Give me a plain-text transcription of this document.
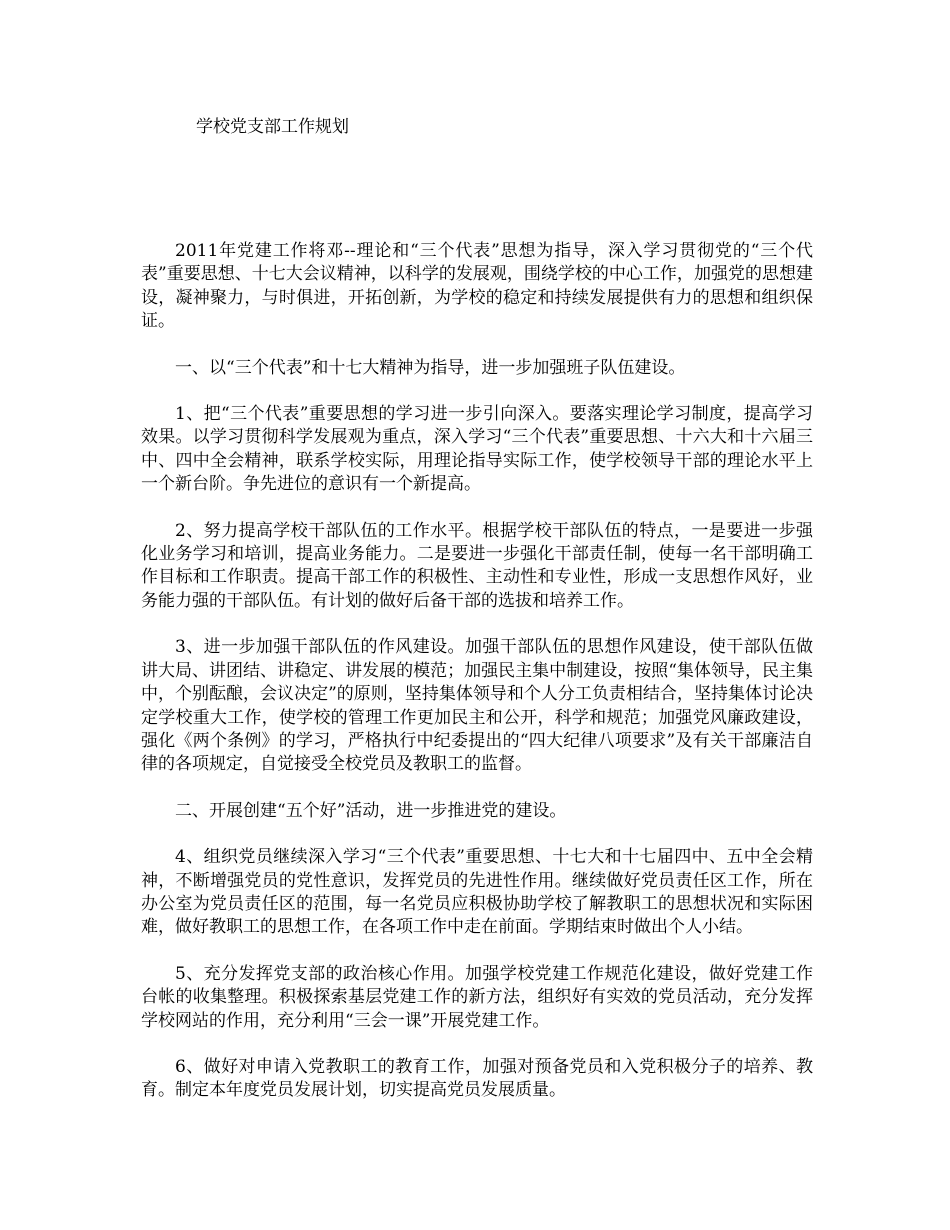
学校党支部工作规划

2011年党建工作将邓--理论和“三个代表”思想为指导，深入学习贯彻党的“三个代表”重要思想、十七大会议精神，以科学的发展观，围绕学校的中心工作，加强党的思想建设，凝神聚力，与时俱进，开拓创新，为学校的稳定和持续发展提供有力的思想和组织保证。

一、以“三个代表”和十七大精神为指导，进一步加强班子队伍建设。

1、把“三个代表”重要思想的学习进一步引向深入。要落实理论学习制度，提高学习效果。以学习贯彻科学发展观为重点，深入学习“三个代表”重要思想、十六大和十六届三中、四中全会精神，联系学校实际，用理论指导实际工作，使学校领导干部的理论水平上一个新台阶。争先进位的意识有一个新提高。

2、努力提高学校干部队伍的工作水平。根据学校干部队伍的特点，一是要进一步强化业务学习和培训，提高业务能力。二是要进一步强化干部责任制，使每一名干部明确工作目标和工作职责。提高干部工作的积极性、主动性和专业性，形成一支思想作风好，业务能力强的干部队伍。有计划的做好后备干部的选拔和培养工作。

3、进一步加强干部队伍的作风建设。加强干部队伍的思想作风建设，使干部队伍做讲大局、讲团结、讲稳定、讲发展的模范；加强民主集中制建设，按照“集体领导，民主集中，个别酝酿，会议决定”的原则，坚持集体领导和个人分工负责相结合，坚持集体讨论决定学校重大工作，使学校的管理工作更加民主和公开，科学和规范；加强党风廉政建设，强化《两个条例》的学习，严格执行中纪委提出的“四大纪律八项要求”及有关干部廉洁自律的各项规定，自觉接受全校党员及教职工的监督。

二、开展创建“五个好”活动，进一步推进党的建设。

4、组织党员继续深入学习“三个代表”重要思想、十七大和十七届四中、五中全会精神，不断增强党员的党性意识，发挥党员的先进性作用。继续做好党员责任区工作，所在办公室为党员责任区的范围，每一名党员应积极协助学校了解教职工的思想状况和实际困难，做好教职工的思想工作，在各项工作中走在前面。学期结束时做出个人小结。

5、充分发挥党支部的政治核心作用。加强学校党建工作规范化建设，做好党建工作台帐的收集整理。积极探索基层党建工作的新方法，组织好有实效的党员活动，充分发挥学校网站的作用，充分利用“三会一课”开展党建工作。

6、做好对申请入党教职工的教育工作，加强对预备党员和入党积极分子的培养、教育。制定本年度党员发展计划，切实提高党员发展质量。
